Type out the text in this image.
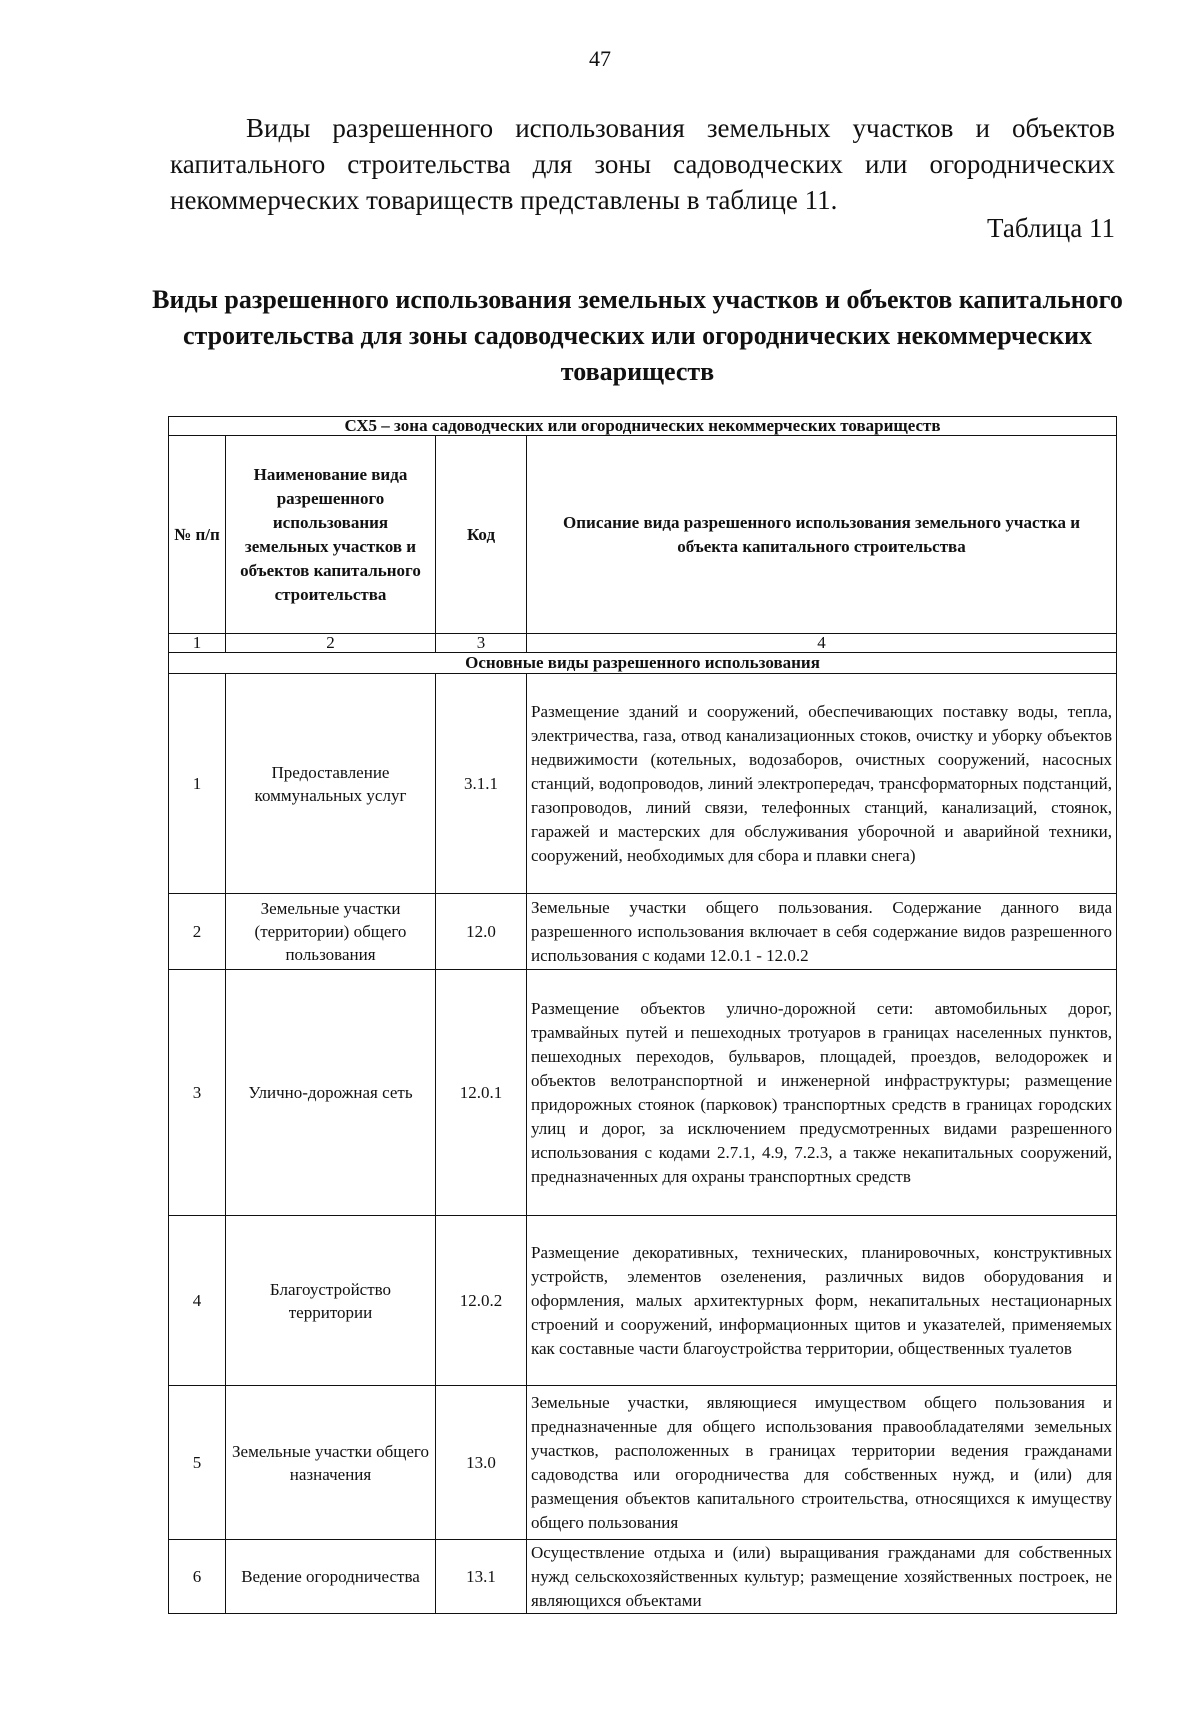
47
Виды разрешенного использования земельных участков и объектов капитального строительства для зоны садоводческих или огороднических некоммерческих товариществ представлены в таблице 11.
Таблица 11
Виды разрешенного использования земельных участков и объектов капитального строительства для зоны садоводческих или огороднических некоммерческих товариществ
СХ5 – зона садоводческих или огороднических некоммерческих товариществ			
№ п/п	Наименование вида разрешенного использования земельных участков и объектов капитального строительства	Код	Описание вида разрешенного использования земельного участка и объекта капитального строительства
1	2	3	4
Основные виды разрешенного использования			
1	Предоставление коммунальных услуг	3.1.1	Размещение зданий и сооружений, обеспечивающих поставку воды, тепла, электричества, газа, отвод канализационных стоков, очистку и уборку объектов недвижимости (котельных, водозаборов, очистных сооружений, насосных станций, водопроводов, линий электропередач, трансформаторных подстанций, газопроводов, линий связи, телефонных станций, канализаций, стоянок, гаражей и мастерских для обслуживания уборочной и аварийной техники, сооружений, необходимых для сбора и плавки снега)
2	Земельные участки (территории) общего пользования	12.0	Земельные участки общего пользования. Содержание данного вида разрешенного использования включает в себя содержание видов разрешенного использования с кодами 12.0.1 - 12.0.2
3	Улично-дорожная сеть	12.0.1	Размещение объектов улично-дорожной сети: автомобильных дорог, трамвайных путей и пешеходных тротуаров в границах населенных пунктов, пешеходных переходов, бульваров, площадей, проездов, велодорожек и объектов велотранспортной и инженерной инфраструктуры; размещение придорожных стоянок (парковок) транспортных средств в границах городских улиц и дорог, за исключением предусмотренных видами разрешенного использования с кодами 2.7.1, 4.9, 7.2.3, а также некапитальных сооружений, предназначенных для охраны транспортных средств
4	Благоустройство территории	12.0.2	Размещение декоративных, технических, планировочных, конструктивных устройств, элементов озеленения, различных видов оборудования и оформления, малых архитектурных форм, некапитальных нестационарных строений и сооружений, информационных щитов и указателей, применяемых как составные части благоустройства территории, общественных туалетов
5	Земельные участки общего назначения	13.0	Земельные участки, являющиеся имуществом общего пользования и предназначенные для общего использования правообладателями земельных участков, расположенных в границах территории ведения гражданами садоводства или огородничества для собственных нужд, и (или) для размещения объектов капитального строительства, относящихся к имуществу общего пользования
6	Ведение огородничества	13.1	Осуществление отдыха и (или) выращивания гражданами для собственных нужд сельскохозяйственных культур; размещение хозяйственных построек, не являющихся объектами
